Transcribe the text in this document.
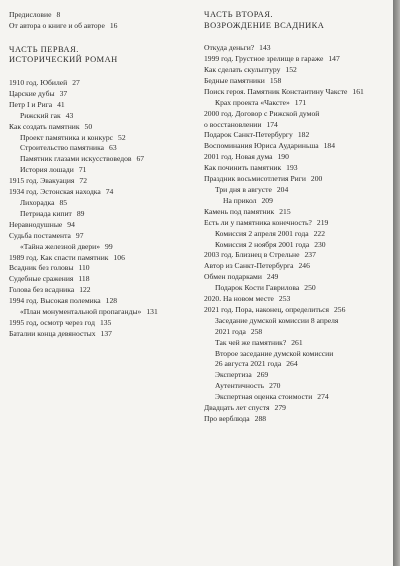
Предисловие 8
От автора о книге и об авторе 16
ЧАСТЬ ПЕРВАЯ.
ИСТОРИЧЕСКИЙ РОМАН
1910 год. Юбилей 27
Царские дубы 37
Петр I и Рига 41
Рижский гак 43
Как создать памятник 50
Проект памятника и конкурс 52
Строительство памятника 63
Памятник глазами искусствоведов 67
История лошади 71
1915 год. Эвакуация 72
1934 год. Эстонская находка 74
Лихорадка 85
Петриада кипит 89
Неравнодушные 94
Судьба постамента 97
«Тайна железной двери» 99
1989 год. Как спасти памятник 106
Всадник без головы 110
Судебные сражения 118
Голова без всадника 122
1994 год. Высокая полемика 128
«План монументальной пропаганды» 131
1995 год, осмотр через год 135
Баталии конца девяностых 137
ЧАСТЬ ВТОРАЯ.
ВОЗРОЖДЕНИЕ ВСАДНИКА
Откуда деньги? 143
1999 год. Грустное зрелище в гараже 147
Как сделать скульптуру 152
Бедные памятники 158
Поиск героя. Памятник Константину Чаксте 161
Крах проекта «Чаксте» 171
2000 год. Договор с Рижской думой
о восстановлении 174
Подарок Санкт-Петербургу 182
Воспоминания Юриса Аудариньша 184
2001 год. Новая дума 190
Как починить памятник 193
Праздник восьмисотлетия Риги 200
Три дня в августе 204
На прикол 209
Камень под памятник 215
Есть ли у памятника конечность? 219
Комиссия 2 апреля 2001 года 222
Комиссия 2 ноября 2001 года 230
2003 год. Близнец в Стрельне 237
Автор из Санкт-Петербурга 246
Обмен подарками 249
Подарок Кости Гаврилова 250
2020. На новом месте 253
2021 год. Пора, наконец, определиться 256
Заседание думской комиссии 8 апреля
2021 года 258
Так чей же памятник? 261
Второе заседание думской комиссии
26 августа 2021 года 264
Экспертиза 269
Аутентичность 270
Экспертная оценка стоимости 274
Двадцать лет спустя 279
Про верблюда 288
